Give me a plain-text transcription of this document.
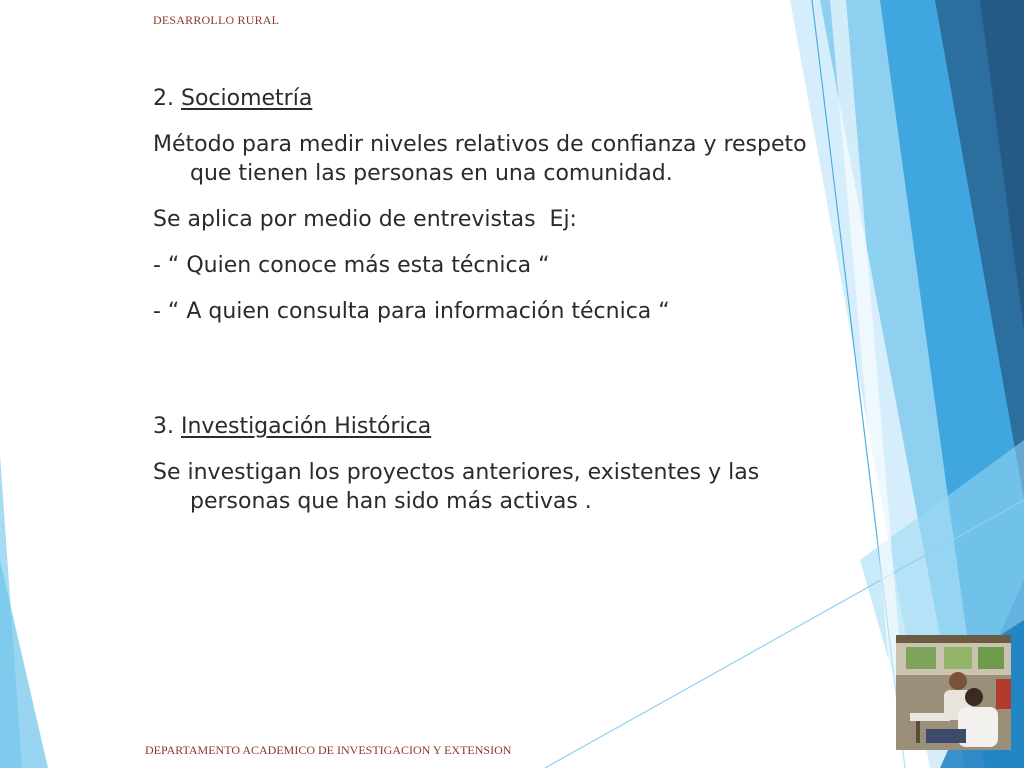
DESARROLLO RURAL

2. Sociometría

Método para medir niveles relativos de confianza y respeto

que tienen las personas en una comunidad.

Se aplica por medio de entrevistas  Ej:

- “ Quien conoce más esta técnica “

- “ A quien consulta para información técnica “

3. Investigación Histórica

Se investigan los proyectos anteriores, existentes y las

personas que han sido más activas .

DEPARTAMENTO ACADEMICO DE INVESTIGACION Y EXTENSION
